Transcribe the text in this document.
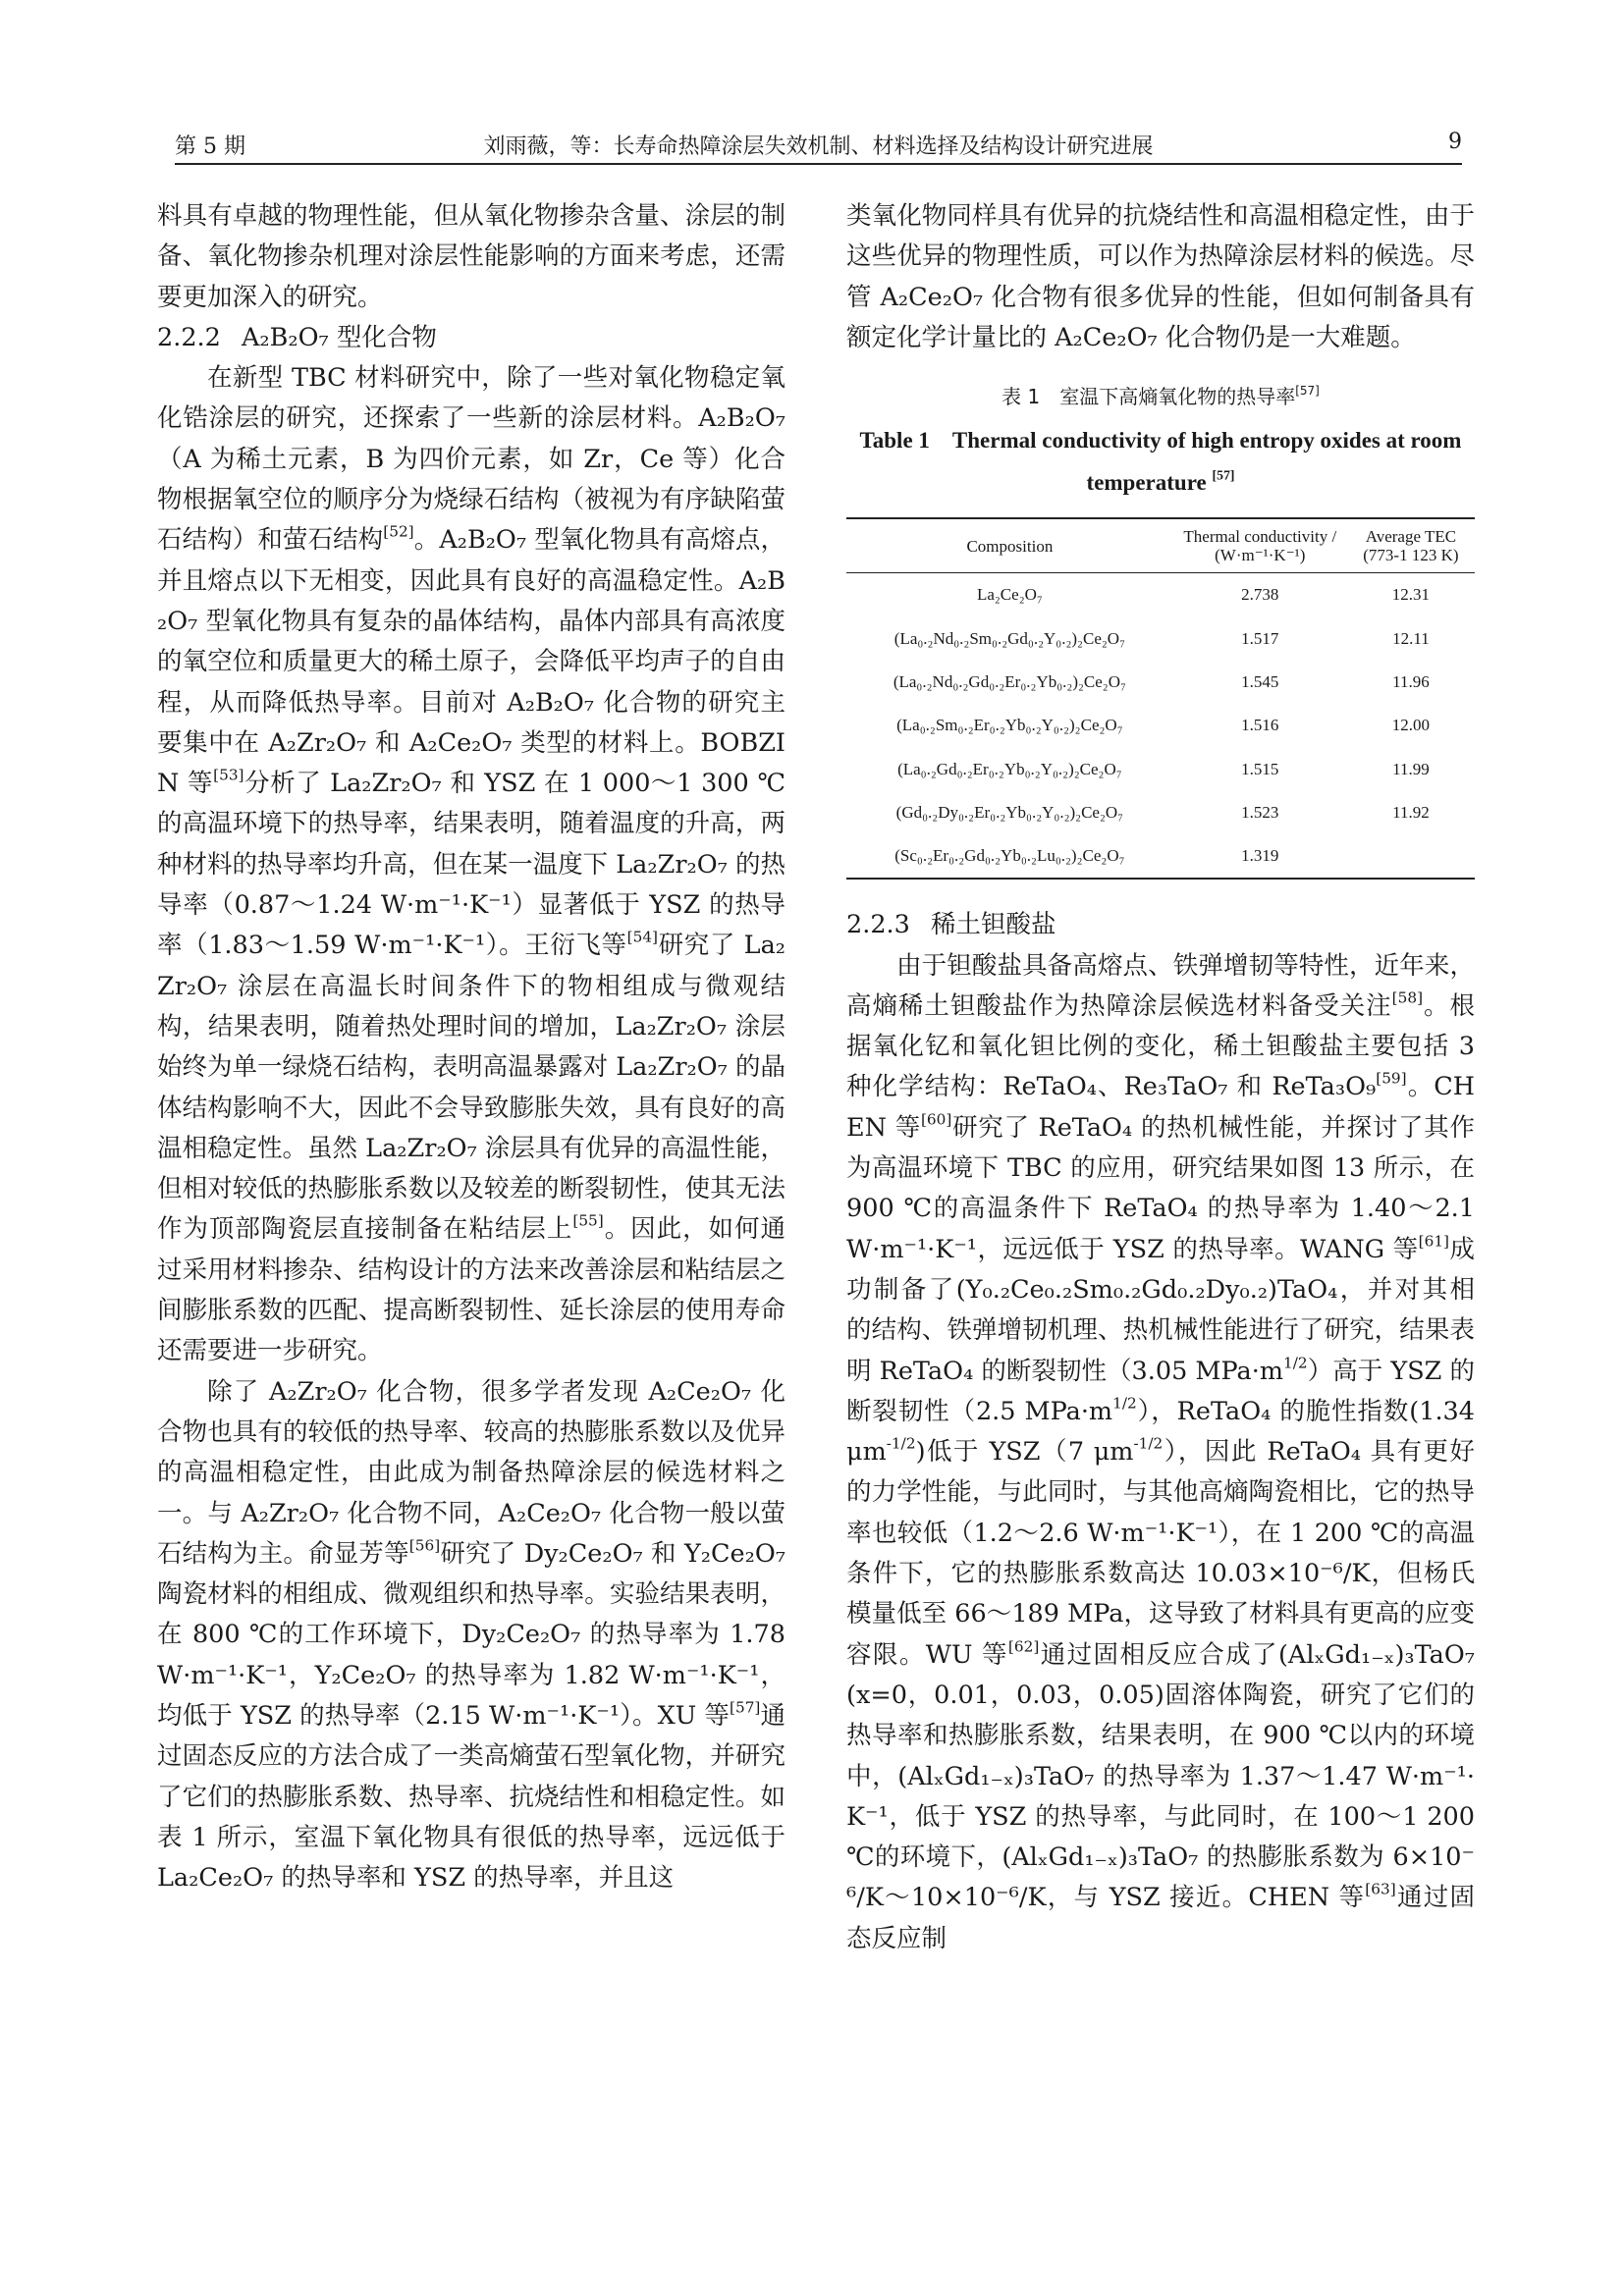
第 5 期	刘雨薇，等：长寿命热障涂层失效机制、材料选择及结构设计研究进展	9

料具有卓越的物理性能，但从氧化物掺杂含量、涂层的制备、氧化物掺杂机理对涂层性能影响的方面来考虑，还需要更加深入的研究。

2.2.2 A₂B₂O₇ 型化合物

在新型 TBC 材料研究中，除了一些对氧化物稳定氧化锆涂层的研究，还探索了一些新的涂层材料。A₂B₂O₇（A 为稀土元素，B 为四价元素，如 Zr，Ce 等）化合物根据氧空位的顺序分为烧绿石结构（被视为有序缺陷萤石结构）和萤石结构[52]。A₂B₂O₇ 型氧化物具有高熔点，并且熔点以下无相变，因此具有良好的高温稳定性。A₂B₂O₇ 型氧化物具有复杂的晶体结构，晶体内部具有高浓度的氧空位和质量更大的稀土原子，会降低平均声子的自由程，从而降低热导率。目前对 A₂B₂O₇ 化合物的研究主要集中在 A₂Zr₂O₇ 和 A₂Ce₂O₇ 类型的材料上。BOBZIN 等[53]分析了 La₂Zr₂O₇ 和 YSZ 在 1 000～1 300 ℃的高温环境下的热导率，结果表明，随着温度的升高，两种材料的热导率均升高，但在某一温度下 La₂Zr₂O₇ 的热导率（0.87～1.24 W·m⁻¹·K⁻¹）显著低于 YSZ 的热导率（1.83～1.59 W·m⁻¹·K⁻¹）。王衍飞等[54]研究了 La₂Zr₂O₇ 涂层在高温长时间条件下的物相组成与微观结构，结果表明，随着热处理时间的增加，La₂Zr₂O₇ 涂层始终为单一绿烧石结构，表明高温暴露对 La₂Zr₂O₇ 的晶体结构影响不大，因此不会导致膨胀失效，具有良好的高温相稳定性。虽然 La₂Zr₂O₇ 涂层具有优异的高温性能，但相对较低的热膨胀系数以及较差的断裂韧性，使其无法作为顶部陶瓷层直接制备在粘结层上[55]。因此，如何通过采用材料掺杂、结构设计的方法来改善涂层和粘结层之间膨胀系数的匹配、提高断裂韧性、延长涂层的使用寿命还需要进一步研究。

除了 A₂Zr₂O₇ 化合物，很多学者发现 A₂Ce₂O₇ 化合物也具有的较低的热导率、较高的热膨胀系数以及优异的高温相稳定性，由此成为制备热障涂层的候选材料之一。与 A₂Zr₂O₇ 化合物不同，A₂Ce₂O₇ 化合物一般以萤石结构为主。俞显芳等[56]研究了 Dy₂Ce₂O₇ 和 Y₂Ce₂O₇ 陶瓷材料的相组成、微观组织和热导率。实验结果表明，在 800 ℃的工作环境下，Dy₂Ce₂O₇ 的热导率为 1.78 W·m⁻¹·K⁻¹，Y₂Ce₂O₇ 的热导率为 1.82 W·m⁻¹·K⁻¹，均低于 YSZ 的热导率（2.15 W·m⁻¹·K⁻¹）。XU 等[57]通过固态反应的方法合成了一类高熵萤石型氧化物，并研究了它们的热膨胀系数、热导率、抗烧结性和相稳定性。如表 1 所示，室温下氧化物具有很低的热导率，远远低于 La₂Ce₂O₇ 的热导率和 YSZ 的热导率，并且这

类氧化物同样具有优异的抗烧结性和高温相稳定性，由于这些优异的物理性质，可以作为热障涂层材料的候选。尽管 A₂Ce₂O₇ 化合物有很多优异的性能，但如何制备具有额定化学计量比的 A₂Ce₂O₇ 化合物仍是一大难题。

表 1　室温下高熵氧化物的热导率[57]
Table 1　Thermal conductivity of high entropy oxides at room temperature [57]
Composition	Thermal conductivity / (W·m⁻¹·K⁻¹)	Average TEC (773-1 123 K)
La₂Ce₂O₇	2.738	12.31
(La₀.₂Nd₀.₂Sm₀.₂Gd₀.₂Y₀.₂)₂Ce₂O₇	1.517	12.11
(La₀.₂Nd₀.₂Gd₀.₂Er₀.₂Yb₀.₂)₂Ce₂O₇	1.545	11.96
(La₀.₂Sm₀.₂Er₀.₂Yb₀.₂Y₀.₂)₂Ce₂O₇	1.516	12.00
(La₀.₂Gd₀.₂Er₀.₂Yb₀.₂Y₀.₂)₂Ce₂O₇	1.515	11.99
(Gd₀.₂Dy₀.₂Er₀.₂Yb₀.₂Y₀.₂)₂Ce₂O₇	1.523	11.92
(Sc₀.₂Er₀.₂Gd₀.₂Yb₀.₂Lu₀.₂)₂Ce₂O₇	1.319	

2.2.3 稀土钽酸盐

由于钽酸盐具备高熔点、铁弹增韧等特性，近年来，高熵稀土钽酸盐作为热障涂层候选材料备受关注[58]。根据氧化钇和氧化钽比例的变化，稀土钽酸盐主要包括 3 种化学结构：ReTaO₄、Re₃TaO₇ 和 ReTa₃O₉[59]。CHEN 等[60]研究了 ReTaO₄ 的热机械性能，并探讨了其作为高温环境下 TBC 的应用，研究结果如图 13 所示，在 900 ℃的高温条件下 ReTaO₄ 的热导率为 1.40～2.1 W·m⁻¹·K⁻¹，远远低于 YSZ 的热导率。WANG 等[61]成功制备了(Y₀.₂Ce₀.₂Sm₀.₂Gd₀.₂Dy₀.₂)TaO₄，并对其相的结构、铁弹增韧机理、热机械性能进行了研究，结果表明 ReTaO₄ 的断裂韧性（3.05 $MPa\cdot m^{1/2}$）高于 YSZ 的断裂韧性（2.5 $MPa\cdot m^{1/2}$），ReTaO₄ 的脆性指数(1.34 $\mu m^{-1/2}$)低于 YSZ（7 $\mu m^{-1/2}$），因此 ReTaO₄ 具有更好的力学性能，与此同时，与其他高熵陶瓷相比，它的热导率也较低（1.2～2.6 W·m⁻¹·K⁻¹），在 1 200 ℃的高温条件下，它的热膨胀系数高达 10.03×10⁻⁶/K，但杨氏模量低至 66～189 MPa，这导致了材料具有更高的应变容限。WU 等[62]通过固相反应合成了(AlₓGd₁₋ₓ)₃TaO₇(x=0，0.01，0.03，0.05)固溶体陶瓷，研究了它们的热导率和热膨胀系数，结果表明，在 900 ℃以内的环境中，(AlₓGd₁₋ₓ)₃TaO₇ 的热导率为 1.37～1.47 W·m⁻¹·K⁻¹，低于 YSZ 的热导率，与此同时，在 100～1 200 ℃的环境下，(AlₓGd₁₋ₓ)₃TaO₇ 的热膨胀系数为 6×10⁻⁶/K～10×10⁻⁶/K，与 YSZ 接近。CHEN 等[63]通过固态反应制
